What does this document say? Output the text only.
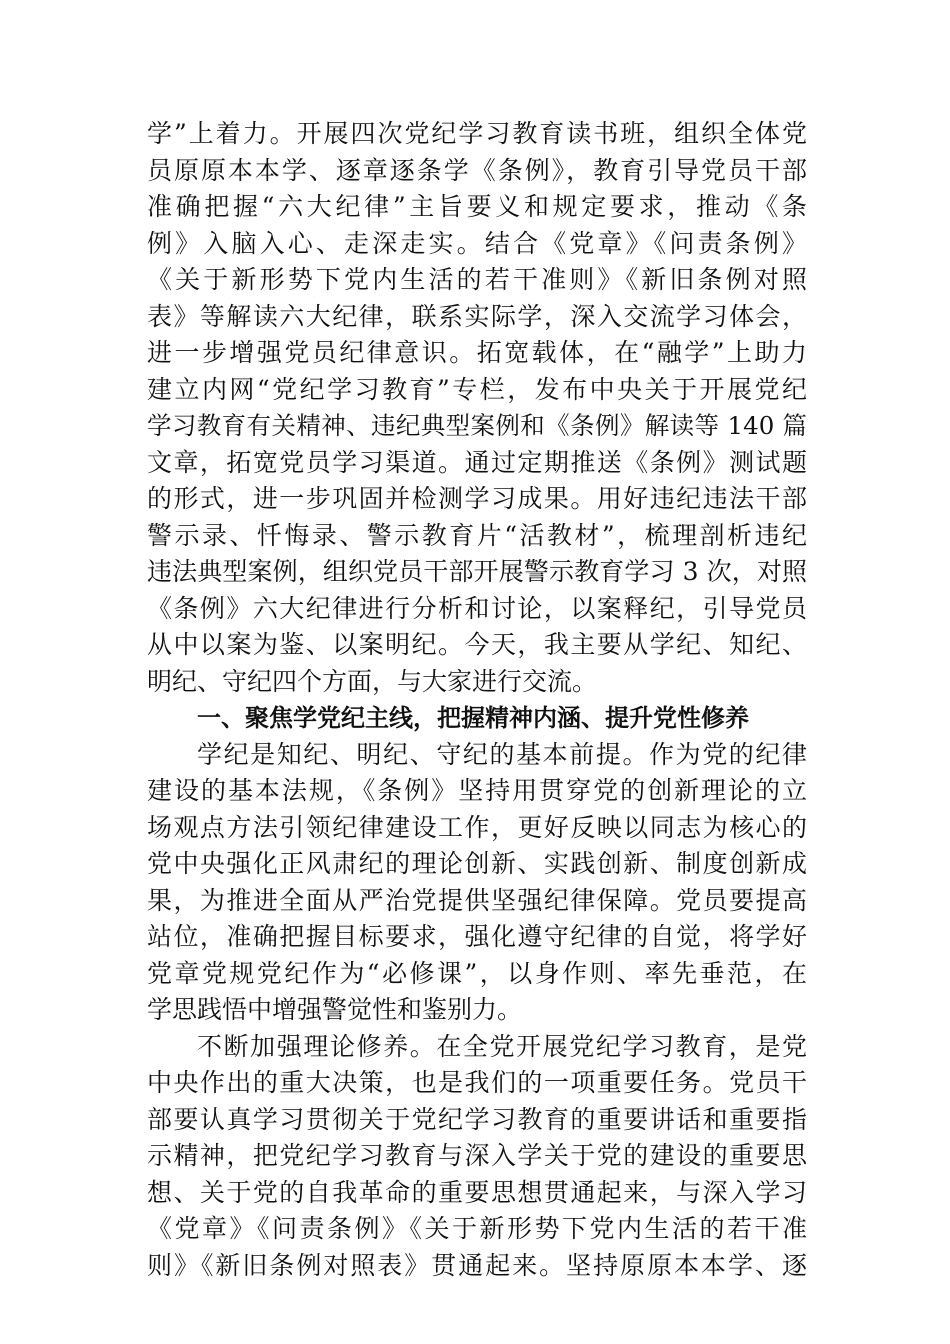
学”上着力。开展四次党纪学习教育读书班，组织全体党
员原原本本学、逐章逐条学《条例》，教育引导党员干部
准确把握“六大纪律”主旨要义和规定要求，推动《条
例》入脑入心、走深走实。结合《党章》《问责条例》
《关于新形势下党内生活的若干准则》《新旧条例对照
表》等解读六大纪律，联系实际学，深入交流学习体会，
进一步增强党员纪律意识。拓宽载体，在“融学”上助力
建立内网“党纪学习教育”专栏，发布中央关于开展党纪
学习教育有关精神、违纪典型案例和《条例》解读等 140 篇
文章，拓宽党员学习渠道。通过定期推送《条例》测试题
的形式，进一步巩固并检测学习成果。用好违纪违法干部
警示录、忏悔录、警示教育片“活教材”，梳理剖析违纪
违法典型案例，组织党员干部开展警示教育学习 3 次，对照
《条例》六大纪律进行分析和讨论，以案释纪，引导党员
从中以案为鉴、以案明纪。今天，我主要从学纪、知纪、
明纪、守纪四个方面，与大家进行交流。
一、聚焦学党纪主线，把握精神内涵、提升党性修养
学纪是知纪、明纪、守纪的基本前提。作为党的纪律
建设的基本法规，《条例》坚持用贯穿党的创新理论的立
场观点方法引领纪律建设工作，更好反映以同志为核心的
党中央强化正风肃纪的理论创新、实践创新、制度创新成
果，为推进全面从严治党提供坚强纪律保障。党员要提高
站位，准确把握目标要求，强化遵守纪律的自觉，将学好
党章党规党纪作为“必修课”，以身作则、率先垂范，在
学思践悟中增强警觉性和鉴别力。
不断加强理论修养。在全党开展党纪学习教育，是党
中央作出的重大决策，也是我们的一项重要任务。党员干
部要认真学习贯彻关于党纪学习教育的重要讲话和重要指
示精神，把党纪学习教育与深入学关于党的建设的重要思
想、关于党的自我革命的重要思想贯通起来，与深入学习
《党章》《问责条例》《关于新形势下党内生活的若干准
则》《新旧条例对照表》贯通起来。坚持原原本本学、逐
